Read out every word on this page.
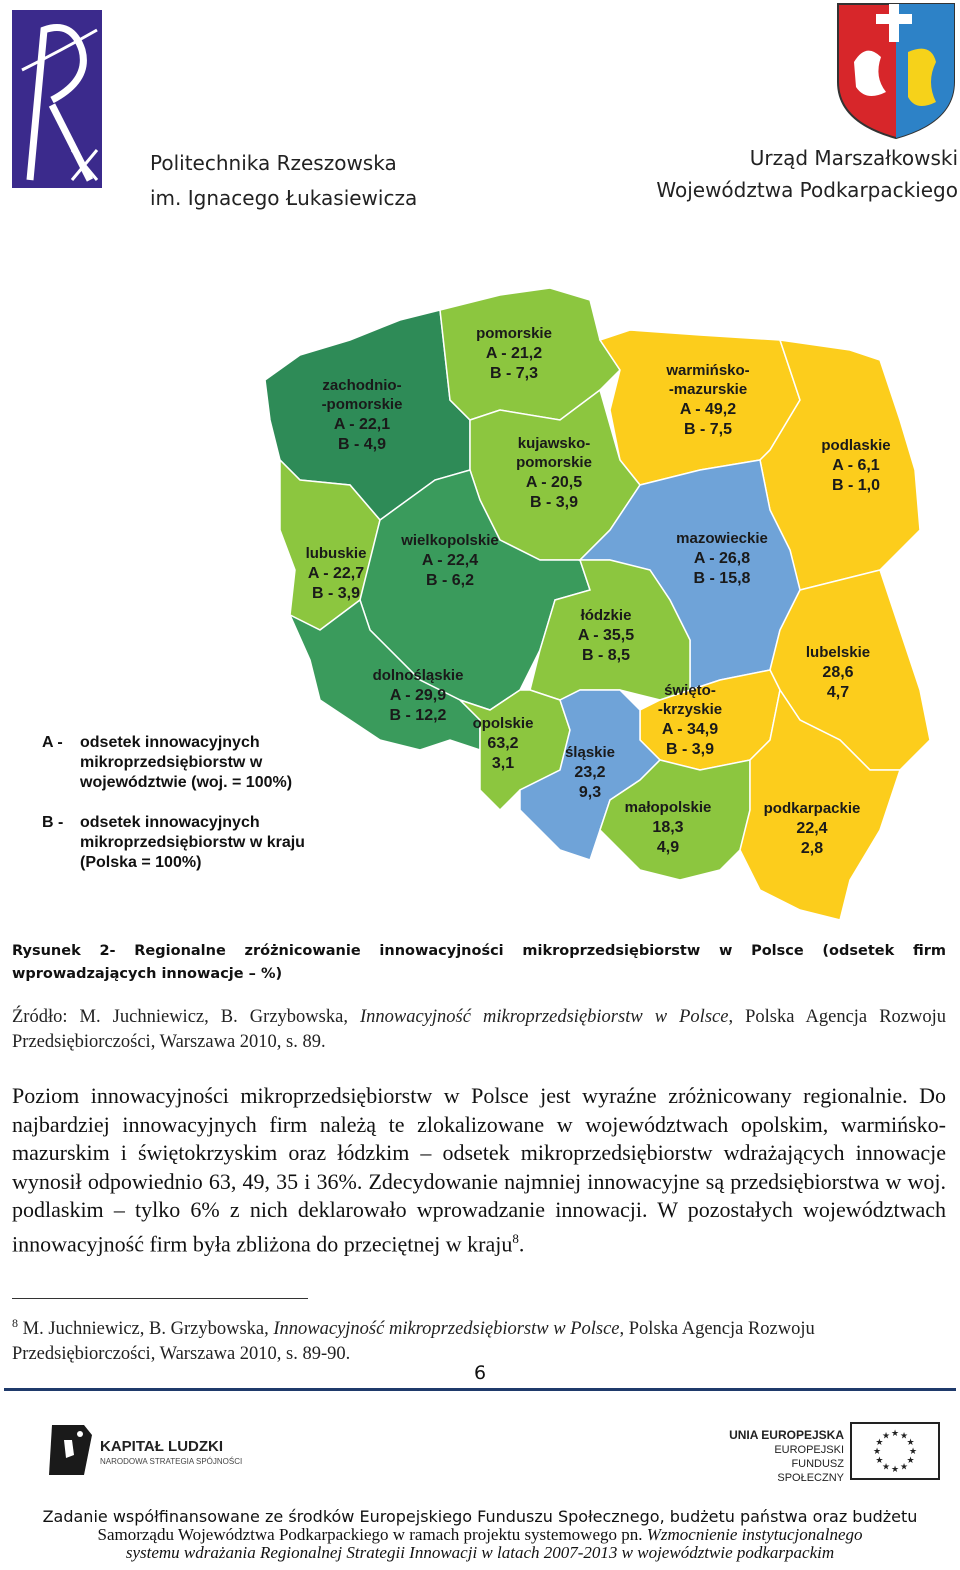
Politechnika Rzeszowska
im. Ignacego Łukasiewicza
Urząd Marszałkowski
Województwa Podkarpackiego
zachodnio-
-pomorskie
A - 22,1
B - 4,9
pomorskie
A - 21,2
B - 7,3	warmińsko-
-mazurskie
A - 49,2
B - 7,5
kujawsko-
pomorskie
A - 20,5
B - 3,9
podlaskie
A - 6,1
B - 1,0
lubuskie
A - 22,7
B - 3,9
wielkopolskie
A - 22,4
B - 6,2
mazowieckie
A - 26,8
B - 15,8
łódzkie
A - 35,5
B - 8,5
dolnośląskie
A - 29,9
B - 12,2
lubelskie
28,6
4,7
święto-
-krzyskie
A - 34,9
B - 3,9
opolskie
63,2
3,1
śląskie
23,2
9,3
małopolskie
18,3
4,9
podkarpackie
22,4
2,8
A -	odsetek innowacyjnych
mikroprzedsiębiorstw w
województwie (woj. = 100%)
B -	odsetek innowacyjnych
mikroprzedsiębiorstw w kraju
(Polska = 100%)
Rysunek 2- Regionalne zróżnicowanie innowacyjności mikroprzedsiębiorstw w Polsce (odsetek firm wprowadzających innowacje – %)
Źródło: M. Juchniewicz, B. Grzybowska, Innowacyjność mikroprzedsiębiorstw w Polsce, Polska Agencja Rozwoju Przedsiębiorczości, Warszawa 2010, s. 89.
Poziom innowacyjności mikroprzedsiębiorstw w Polsce jest wyraźne zróżnicowany regionalnie. Do najbardziej innowacyjnych firm należą te zlokalizowane w województwach opolskim, warmińsko-mazurskim i świętokrzyskim oraz łódzkim – odsetek mikroprzedsiębiorstw wdrażających innowacje wynosił odpowiednio 63, 49, 35 i 36%. Zdecydowanie najmniej innowacyjne są przedsiębiorstwa w woj. podlaskim – tylko 6% z nich deklarowało wprowadzanie innowacji. W pozostałych województwach innowacyjność firm była zbliżona do przeciętnej w kraju$^8$.
$^8$ M. Juchniewicz, B. Grzybowska, Innowacyjność mikroprzedsiębiorstw w Polsce, Polska Agencja Rozwoju Przedsiębiorczości, Warszawa 2010, s. 89-90.
6
KAPITAŁ LUDZKI
NARODOWA STRATEGIA SPÓJNOŚCI
UNIA EUROPEJSKA
EUROPEJSKI
FUNDUSZ SPOŁECZNY
★
★
★
★
★
★
★
★
★ ★ ★
★
Zadanie współfinansowane ze środków Europejskiego Funduszu Społecznego, budżetu państwa oraz budżetu
Samorządu Województwa Podkarpackiego w ramach projektu systemowego pn. Wzmocnienie instytucjonalnego
systemu wdrażania Regionalnej Strategii Innowacji w latach 2007-2013 w województwie podkarpackim
